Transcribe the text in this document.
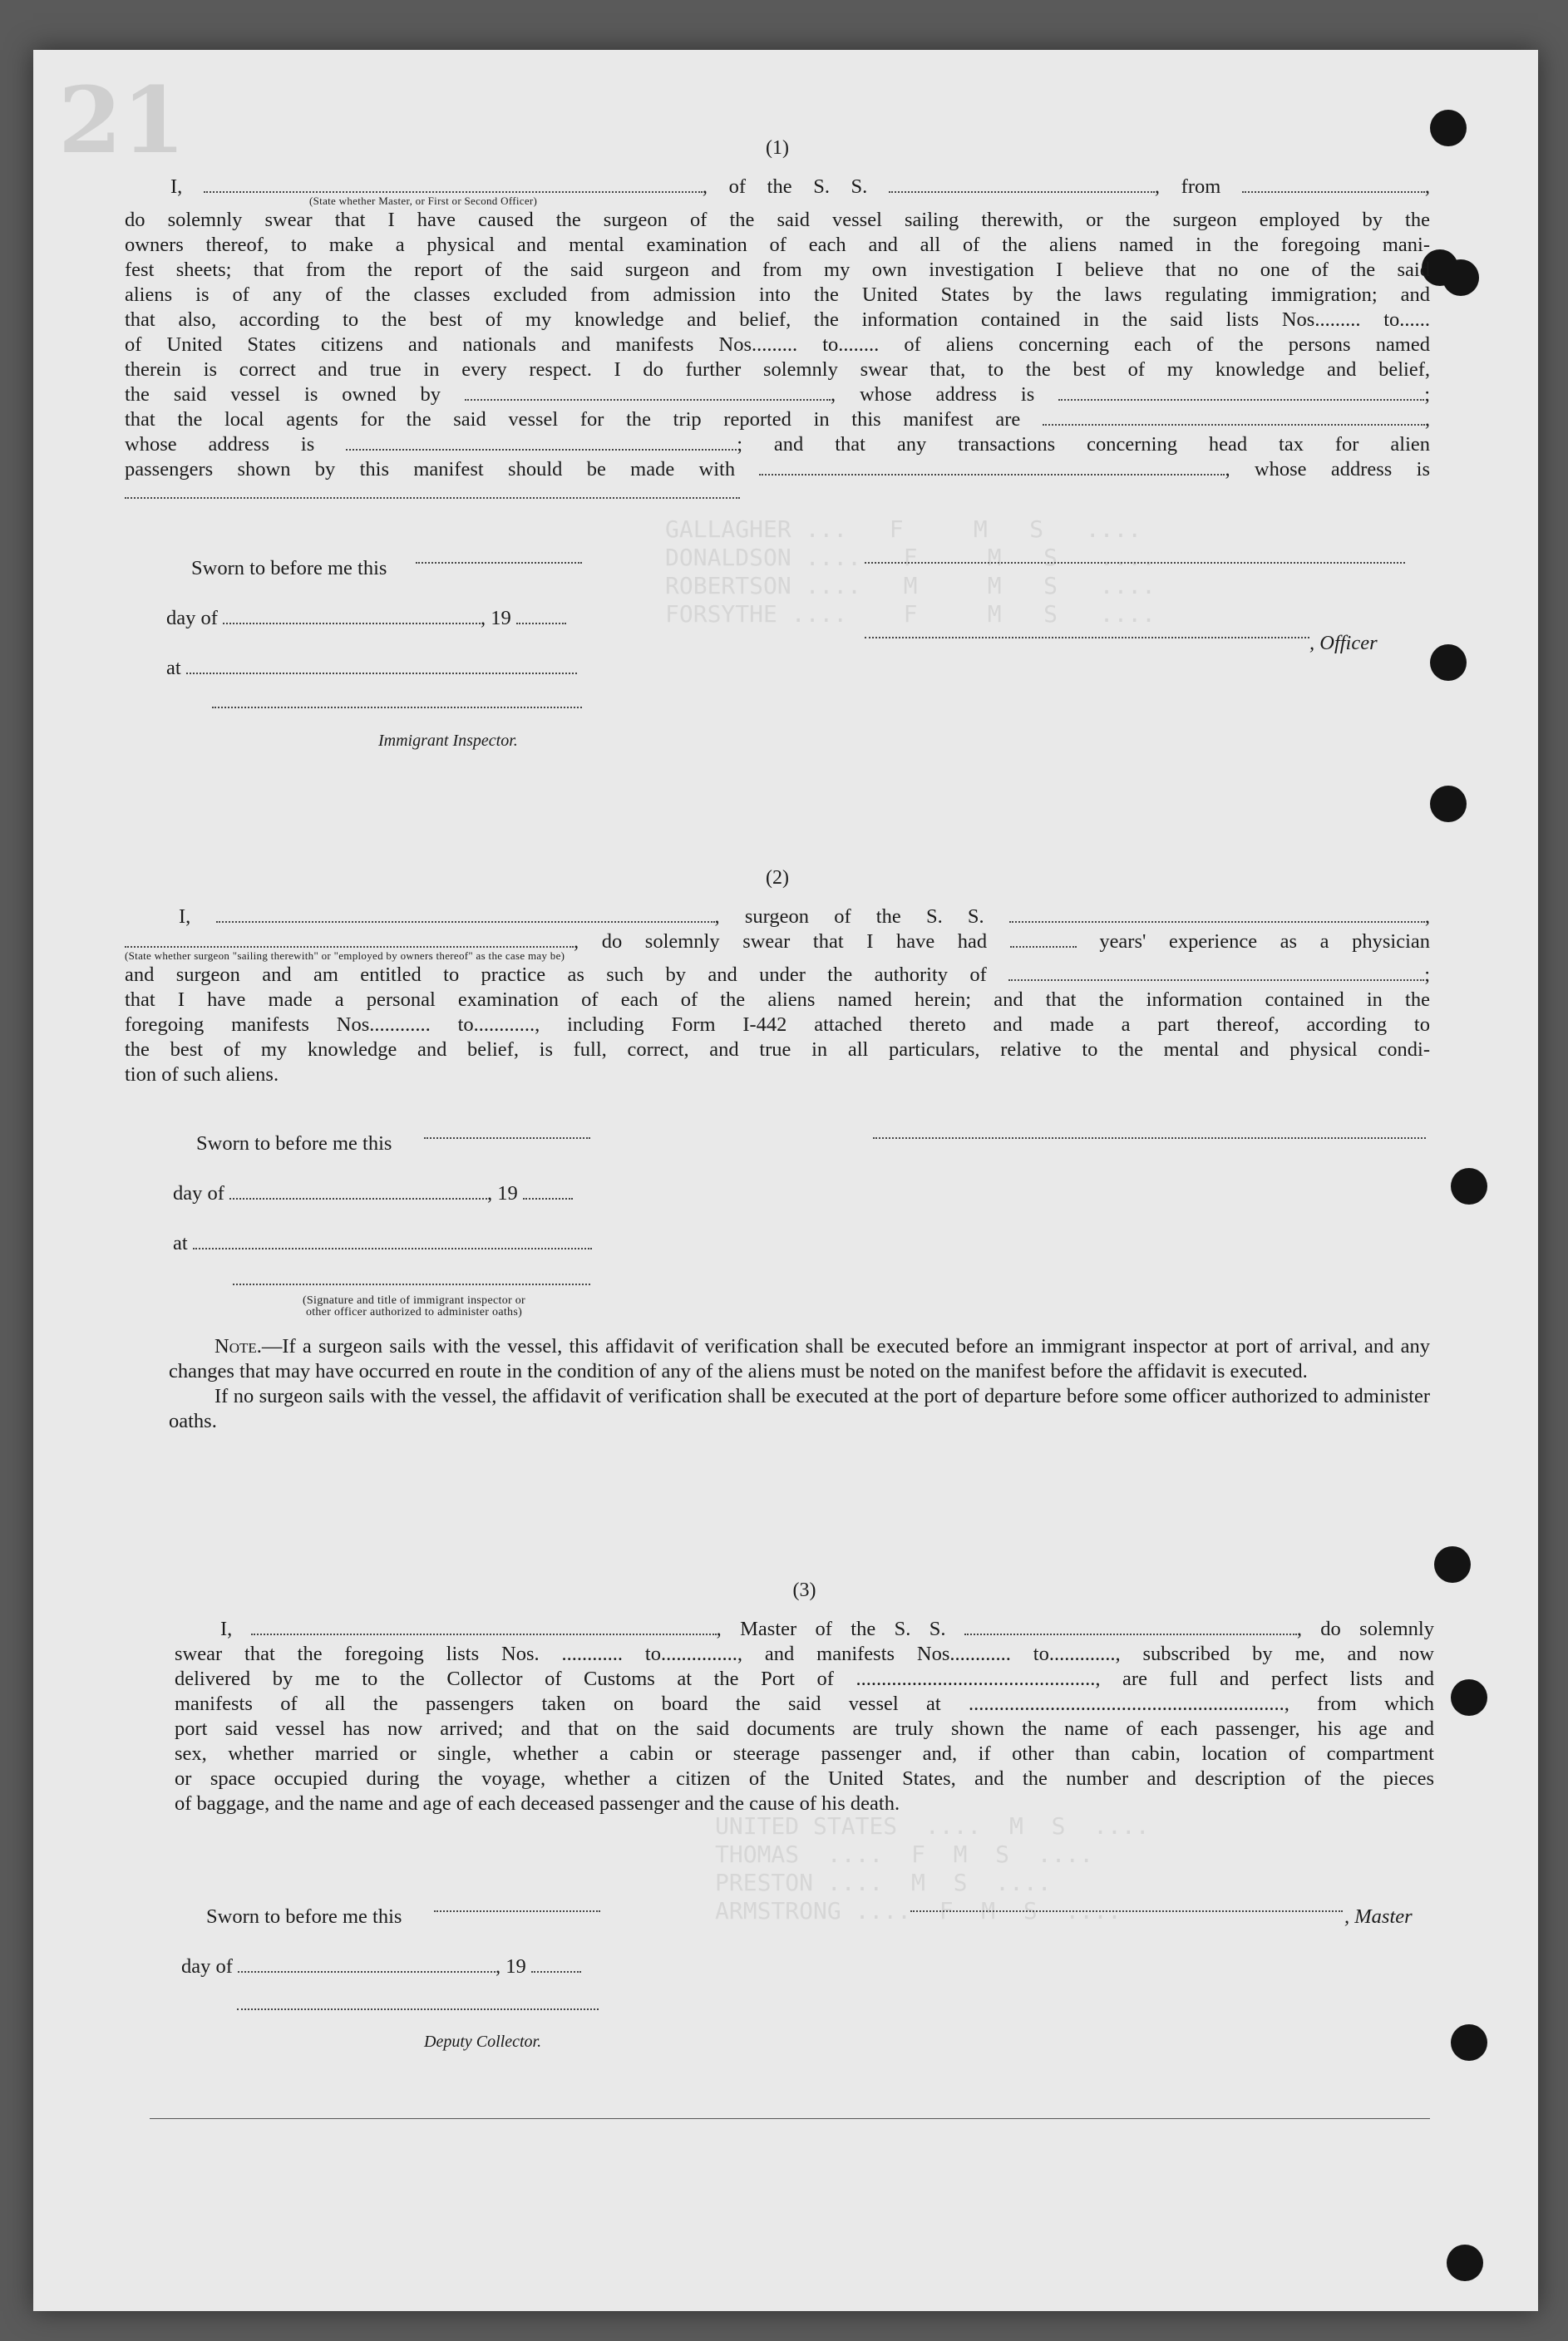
GALLAGHER ...   F     M   S   ....
DONALDSON ....   F     M   S   ....
ROBERTSON ....   M     M   S   ....
FORSYTHE ....    F     M   S   ....
UNITED STATES  ....  M  S  ....
THOMAS  ....  F  M  S  ....
PRESTON ....  M  S  ....
ARMSTRONG ....  F  M  S  ....
21	(1)
I,	, of the S. S.	, from	,
(State whether Master, or First or Second Officer)
do solemnly swear that I have caused the surgeon of the said vessel sailing therewith, or the surgeon employed by the
owners thereof, to make a physical and mental examination of each and all of the aliens named in the foregoing mani-
fest sheets; that from the report of the said surgeon and from my own investigation I believe that no one of the said
aliens is of any of the classes excluded from admission into the United States by the laws regulating immigration; and
that also, according to the best of my knowledge and belief, the information contained in the said lists Nos......... to......
of United States citizens and nationals and manifests Nos......... to........ of aliens concerning each of the persons named
therein is correct and true in every respect. I do further solemnly swear that, to the best of my knowledge and belief,
the said vessel is owned by	, whose address is	;
that the local agents for the said vessel for the trip reported in this manifest are	,
whose address is	; and that any transactions concerning head tax for alien
passengers shown by this manifest should be made with	, whose address is
Sworn to before me this
day of	, 19
at
, Officer
Immigrant Inspector.
(2)
I,	, surgeon of the S. S.	,
, do solemnly swear that I have had	years' experience as a physician
(State whether surgeon "sailing therewith" or "employed by owners thereof" as the case may be)
and surgeon and am entitled to practice as such by and under the authority of	;
that I have made a personal examination of each of the aliens named herein; and that the information contained in the
foregoing manifests Nos............ to............, including Form I-442 attached thereto and made a part thereof, according to
the best of my knowledge and belief, is full, correct, and true in all particulars, relative to the mental and physical condi-
tion of such aliens.
Sworn to before me this
day of	, 19
at
(Signature and title of immigrant inspector or
other officer authorized to administer oaths)
Note.—If a surgeon sails with the vessel, this affidavit of verification shall be executed before an immigrant inspector at port of arrival, and any changes that may have occurred en route in the condition of any of the aliens must be noted on the manifest before the affidavit is executed.
If no surgeon sails with the vessel, the affidavit of verification shall be executed at the port of departure before some officer authorized to administer oaths.
(3)
I,	, Master of the S. S.	, do solemnly
swear that the foregoing lists Nos. ............ to..............., and manifests Nos............ to............., subscribed by me, and now
delivered by me to the Collector of Customs at the Port of ..............................................., are full and perfect lists and
manifests of all the passengers taken on board the said vessel at .............................................................., from which
port said vessel has now arrived; and that on the said documents are truly shown the name of each passenger, his age and
sex, whether married or single, whether a cabin or steerage passenger and, if other than cabin, location of compartment
or space occupied during the voyage, whether a citizen of the United States, and the number and description of the pieces
of baggage, and the name and age of each deceased passenger and the cause of his death.
Sworn to before me this	, Master
day of	, 19
Deputy Collector.
